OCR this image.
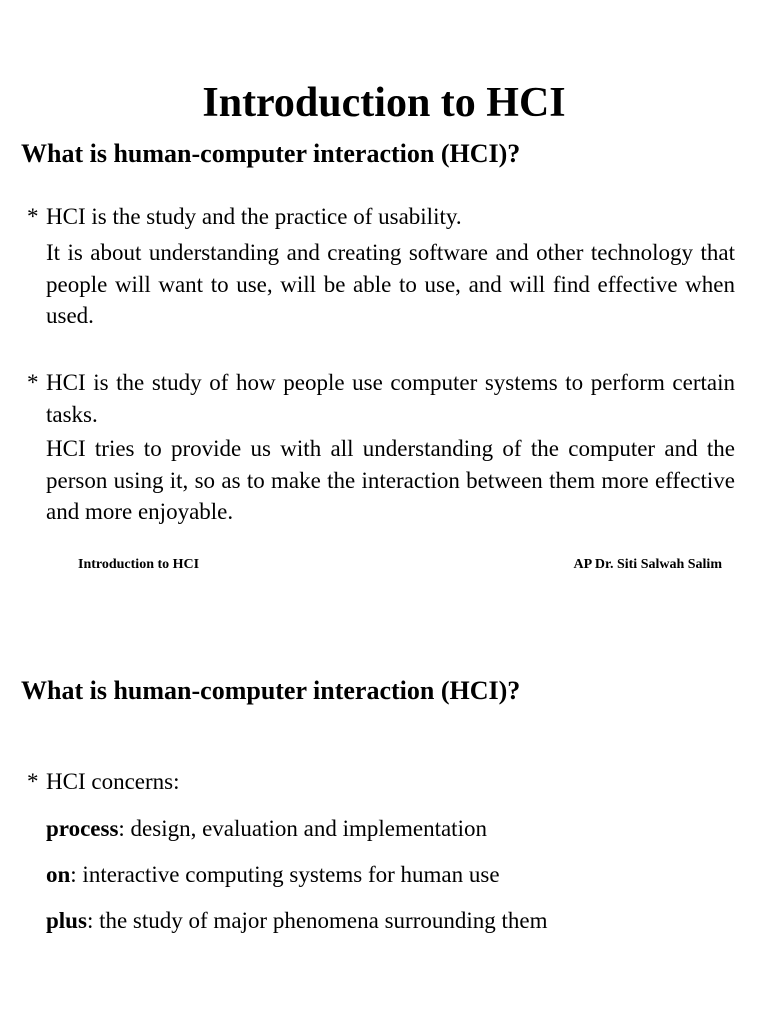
Introduction to HCI
What is human-computer interaction (HCI)?
* HCI is the study and the practice of usability.

It is about understanding and creating software and other technology that people will want to use, will be able to use, and will find effective when used.

* HCI is the study of how people use computer systems to perform certain tasks.

HCI tries to provide us with all understanding of the computer and the person using it, so as to make the interaction between them more effective and more enjoyable.

Introduction to HCI	AP Dr. Siti Salwah Salim
What is human-computer interaction (HCI)?
* HCI concerns:

process: design, evaluation and implementation
on: interactive computing systems for human use
plus: the study of major phenomena surrounding them
